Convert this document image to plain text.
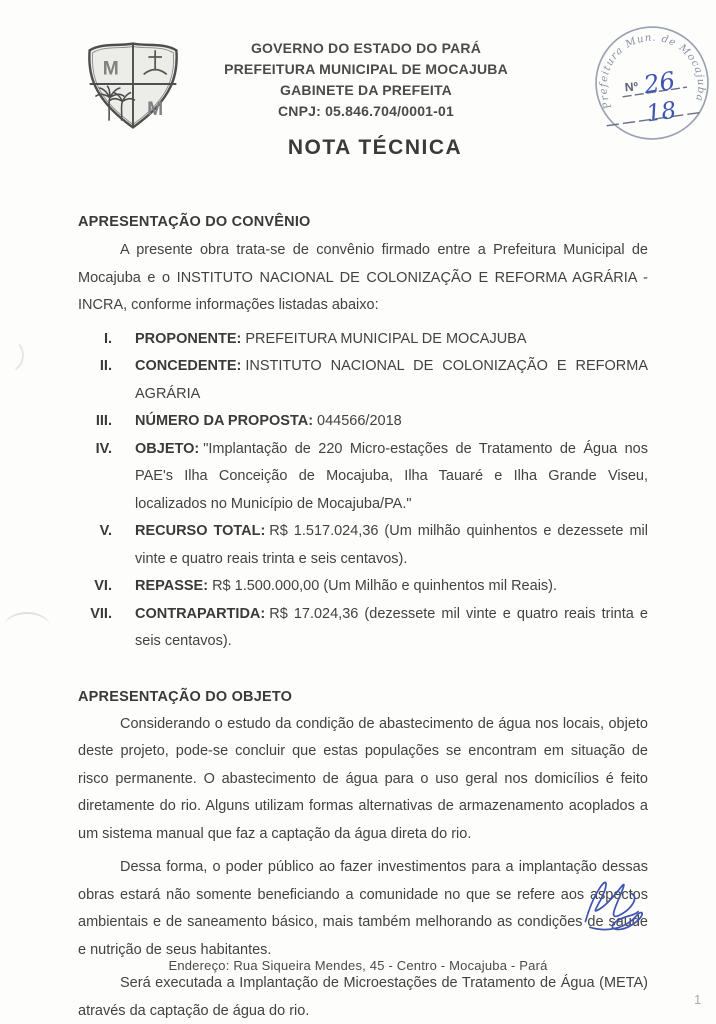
M
M
GOVERNO DO ESTADO DO PARÁ
PREFEITURA MUNICIPAL DE MOCAJUBA
GABINETE DA PREFEITA
CNPJ: 05.846.704/0001-01	Prefeitura Mun. de Mocajuba
Nº 26
18
NOTA TÉCNICA
APRESENTAÇÃO DO CONVÊNIO

A presente obra trata-se de convênio firmado entre a Prefeitura Municipal de Mocajuba e o INSTITUTO NACIONAL DE COLONIZAÇÃO E REFORMA AGRÁRIA - INCRA, conforme informações listadas abaixo:

I. PROPONENTE: PREFEITURA MUNICIPAL DE MOCAJUBA
II. CONCEDENTE: INSTITUTO NACIONAL DE COLONIZAÇÃO E REFORMA AGRÁRIA
III. NÚMERO DA PROPOSTA: 044566/2018
IV. OBJETO: "Implantação de 220 Micro-estações de Tratamento de Água nos PAE's Ilha Conceição de Mocajuba, Ilha Tauaré e Ilha Grande Viseu, localizados no Município de Mocajuba/PA."
V. RECURSO TOTAL: R$ 1.517.024,36 (Um milhão quinhentos e dezessete mil vinte e quatro reais trinta e seis centavos).
VI. REPASSE: R$ 1.500.000,00 (Um Milhão e quinhentos mil Reais).
VII. CONTRAPARTIDA: R$ 17.024,36 (dezessete mil vinte e quatro reais trinta e seis centavos).
APRESENTAÇÃO DO OBJETO

Considerando o estudo da condição de abastecimento de água nos locais, objeto deste projeto, pode-se concluir que estas populações se encontram em situação de risco permanente. O abastecimento de água para o uso geral nos domicílios é feito diretamente do rio. Alguns utilizam formas alternativas de armazenamento acoplados a um sistema manual que faz a captação da água direta do rio.

Dessa forma, o poder público ao fazer investimentos para a implantação dessas obras estará não somente beneficiando a comunidade no que se refere aos aspectos ambientais e de saneamento básico, mais também melhorando as condições de saúde e nutrição de seus habitantes.

Será executada a Implantação de Microestações de Tratamento de Água (META) através da captação de água do rio.

Endereço: Rua Siqueira Mendes, 45 - Centro - Mocajuba - Pará
1
